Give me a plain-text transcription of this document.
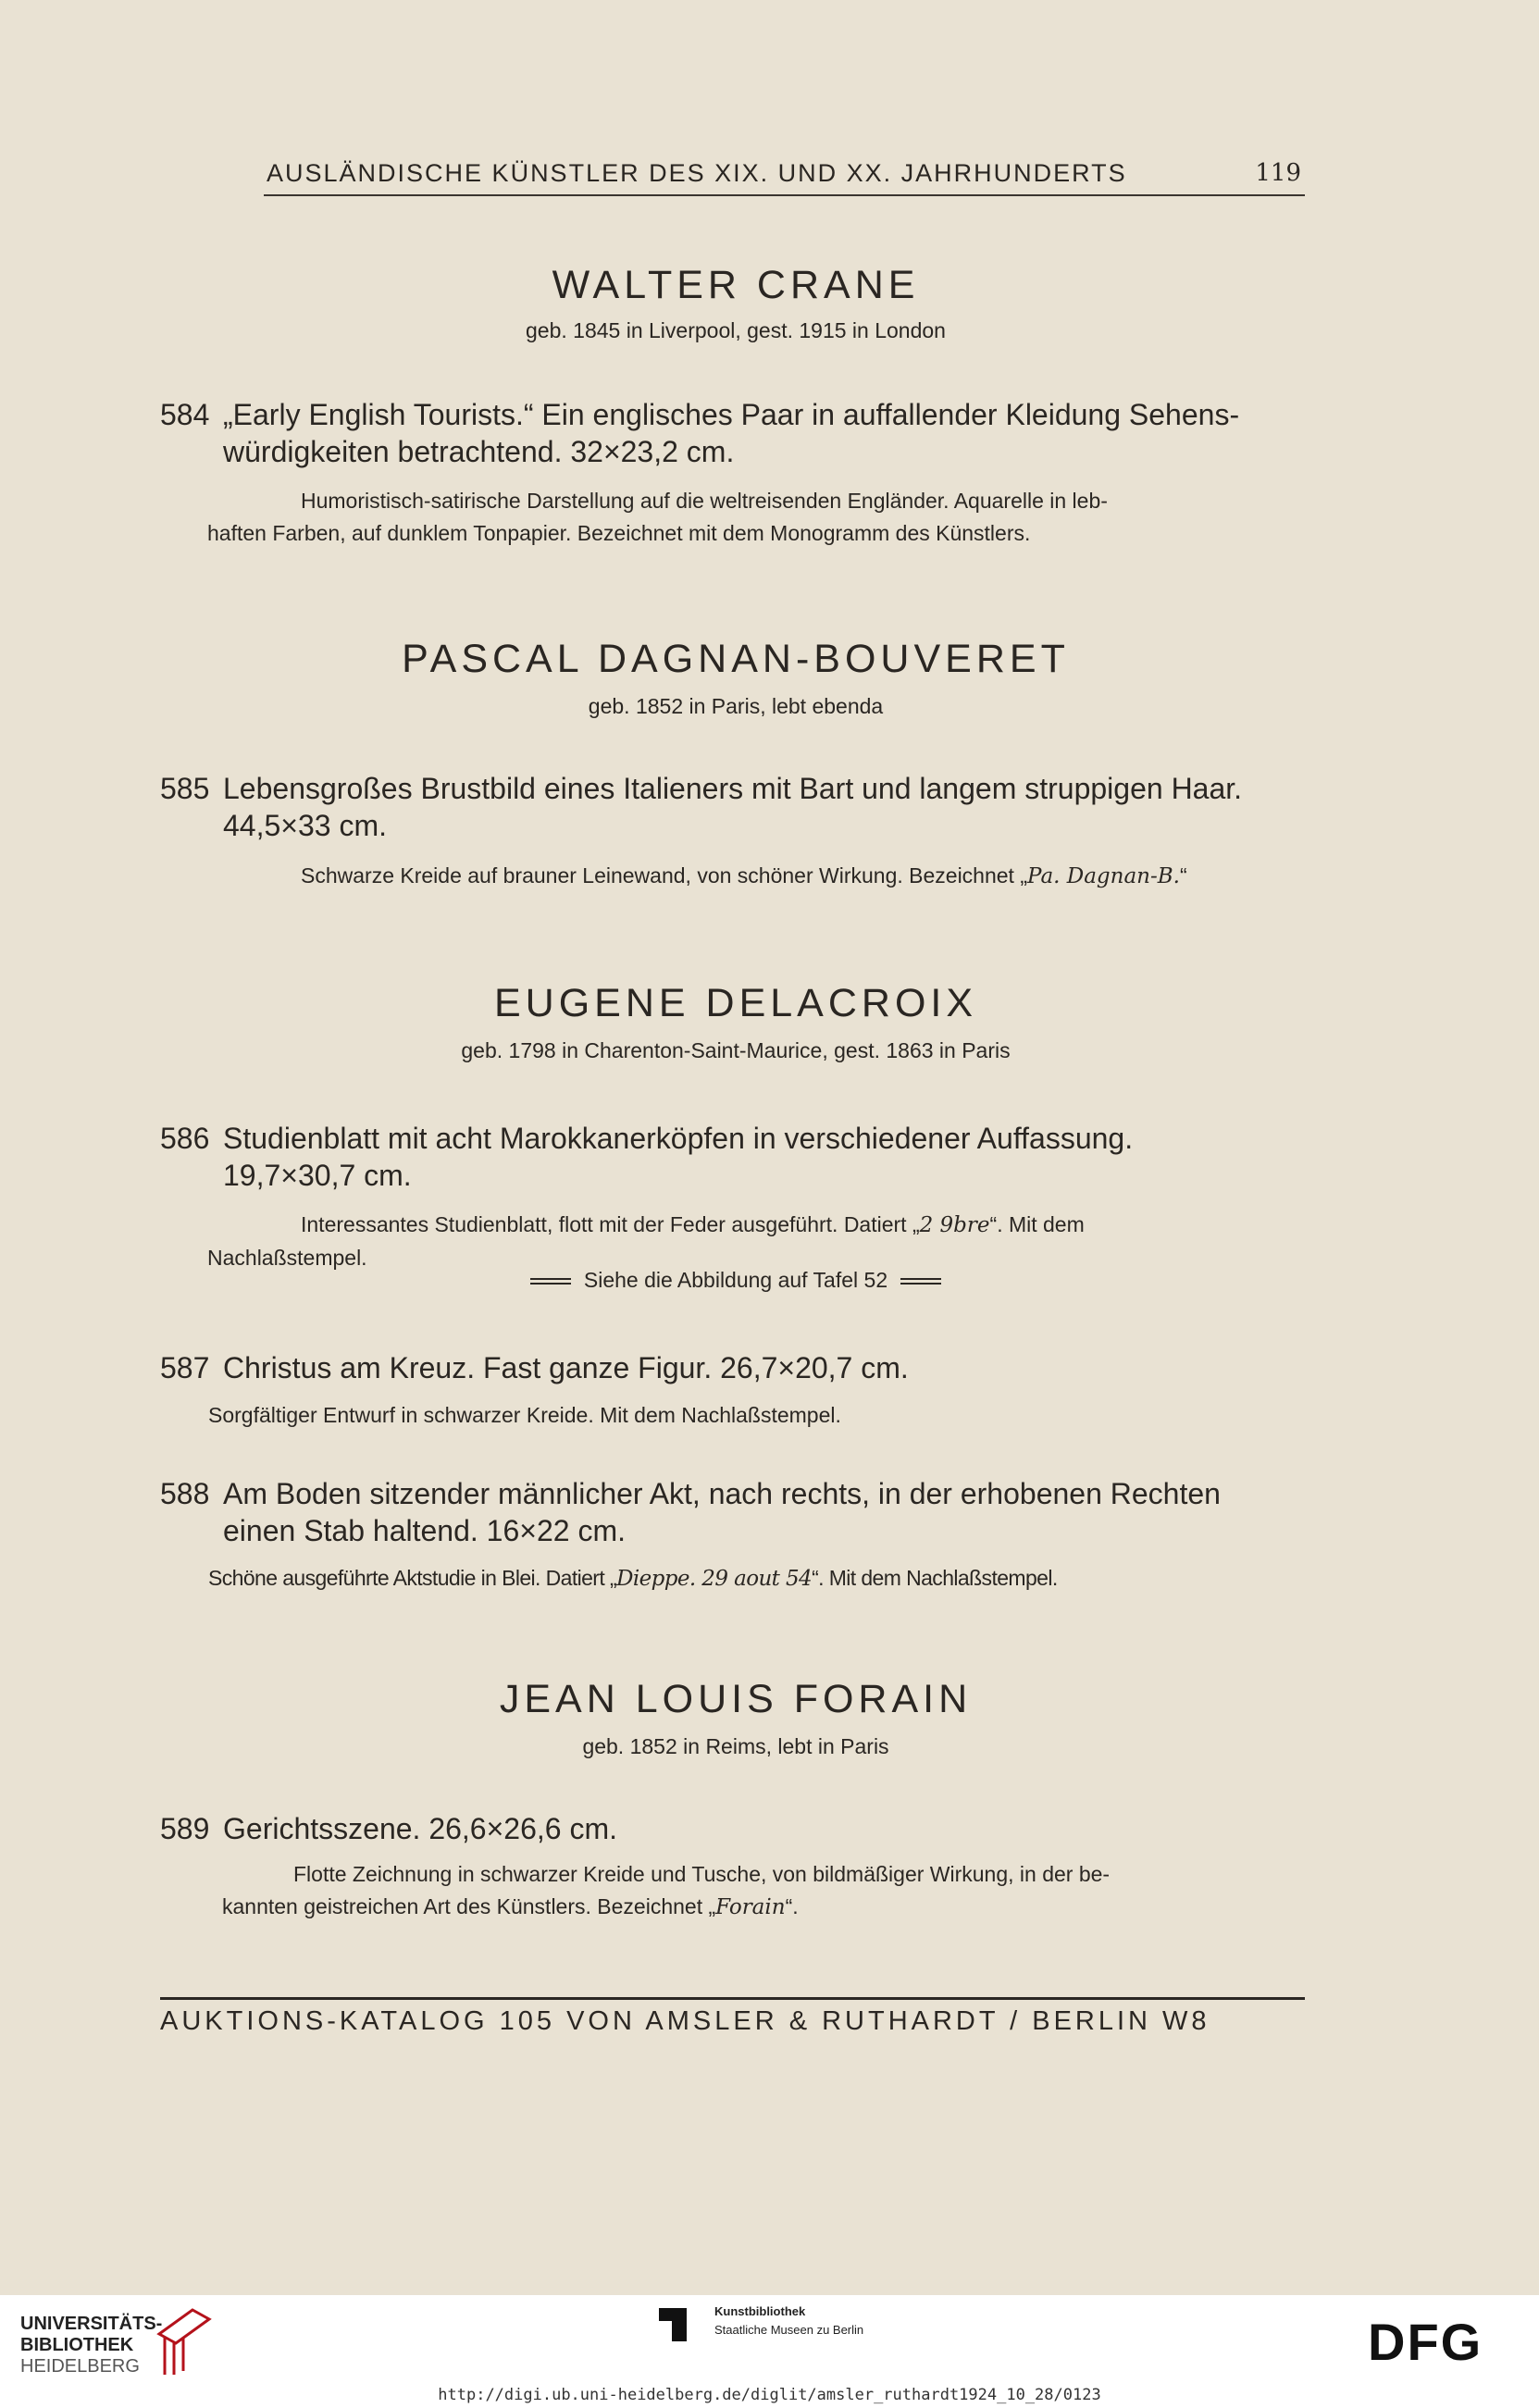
AUSLÄNDISCHE KÜNSTLER DES XIX. UND XX. JAHRHUNDERTS	119
WALTER CRANE
geb. 1845 in Liverpool, gest. 1915 in London
584 „Early English Tourists.“ Ein englisches Paar in auffallender Kleidung Sehens-
würdigkeiten betrachtend. 32×23,2 cm.
Humoristisch-satirische Darstellung auf die weltreisenden Engländer. Aquarelle in leb-
haften Farben, auf dunklem Tonpapier. Bezeichnet mit dem Monogramm des Künstlers.
PASCAL DAGNAN-BOUVERET
geb. 1852 in Paris, lebt ebenda
585 Lebensgroßes Brustbild eines Italieners mit Bart und langem struppigen Haar.
44,5×33 cm.
Schwarze Kreide auf brauner Leinewand, von schöner Wirkung. Bezeichnet „Pa. Dagnan-B.“
EUGENE DELACROIX
geb. 1798 in Charenton-Saint-Maurice, gest. 1863 in Paris
586 Studienblatt mit acht Marokkanerköpfen in verschiedener Auffassung.
19,7×30,7 cm.
Interessantes Studienblatt, flott mit der Feder ausgeführt. Datiert „2 9bre“. Mit dem
Nachlaßstempel.
Siehe die Abbildung auf Tafel 52
587 Christus am Kreuz. Fast ganze Figur. 26,7×20,7 cm.
Sorgfältiger Entwurf in schwarzer Kreide. Mit dem Nachlaßstempel.
588 Am Boden sitzender männlicher Akt, nach rechts, in der erhobenen Rechten
einen Stab haltend. 16×22 cm.
Schöne ausgeführte Aktstudie in Blei. Datiert „Dieppe. 29 aout 54“. Mit dem Nachlaßstempel.
JEAN LOUIS FORAIN
geb. 1852 in Reims, lebt in Paris
589 Gerichtsszene. 26,6×26,6 cm.
Flotte Zeichnung in schwarzer Kreide und Tusche, von bildmäßiger Wirkung, in der be-
kannten geistreichen Art des Künstlers. Bezeichnet „Forain“.
AUKTIONS-KATALOG 105 VON AMSLER & RUTHARDT / BERLIN W8
UNIVERSITÄTS-
BIBLIOTHEK
HEIDELBERG
Kunstbibliothek
Staatliche Museen zu Berlin	DFG
http://digi.ub.uni-heidelberg.de/diglit/amsler_ruthardt1924_10_28/0123
